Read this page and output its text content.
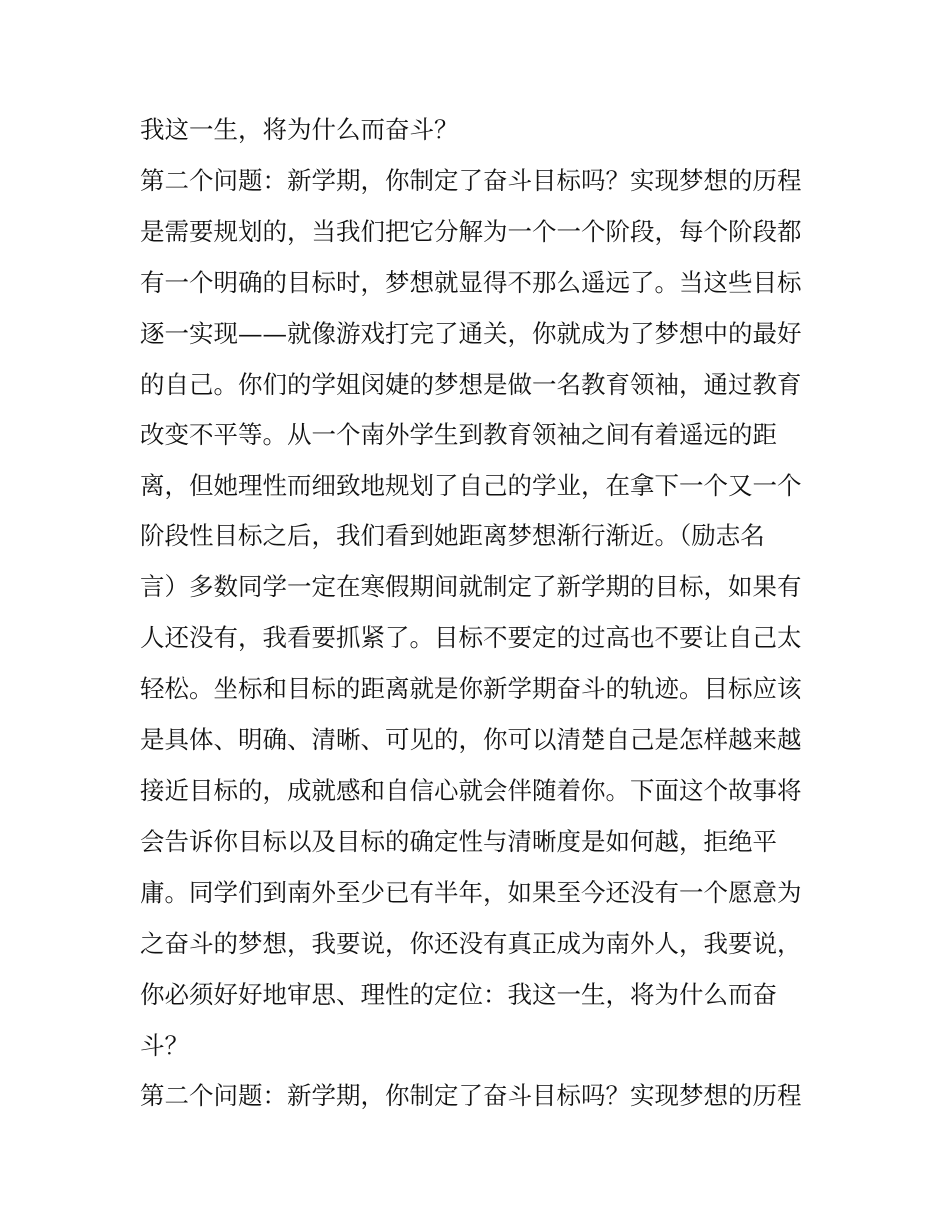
我这一生，将为什么而奋斗？
第二个问题：新学期，你制定了奋斗目标吗？实现梦想的历程
是需要规划的，当我们把它分解为一个一个阶段，每个阶段都
有一个明确的目标时，梦想就显得不那么遥远了。当这些目标
逐一实现——就像游戏打完了通关，你就成为了梦想中的最好
的自己。你们的学姐闵婕的梦想是做一名教育领袖，通过教育
改变不平等。从一个南外学生到教育领袖之间有着遥远的距
离，但她理性而细致地规划了自己的学业，在拿下一个又一个
阶段性目标之后，我们看到她距离梦想渐行渐近。（励志名
言）多数同学一定在寒假期间就制定了新学期的目标，如果有
人还没有，我看要抓紧了。目标不要定的过高也不要让自己太
轻松。坐标和目标的距离就是你新学期奋斗的轨迹。目标应该
是具体、明确、清晰、可见的，你可以清楚自己是怎样越来越
接近目标的，成就感和自信心就会伴随着你。下面这个故事将
会告诉你目标以及目标的确定性与清晰度是如何越，拒绝平
庸。同学们到南外至少已有半年，如果至今还没有一个愿意为
之奋斗的梦想，我要说，你还没有真正成为南外人，我要说，
你必须好好地审思、理性的定位：我这一生，将为什么而奋
斗？
第二个问题：新学期，你制定了奋斗目标吗？实现梦想的历程
